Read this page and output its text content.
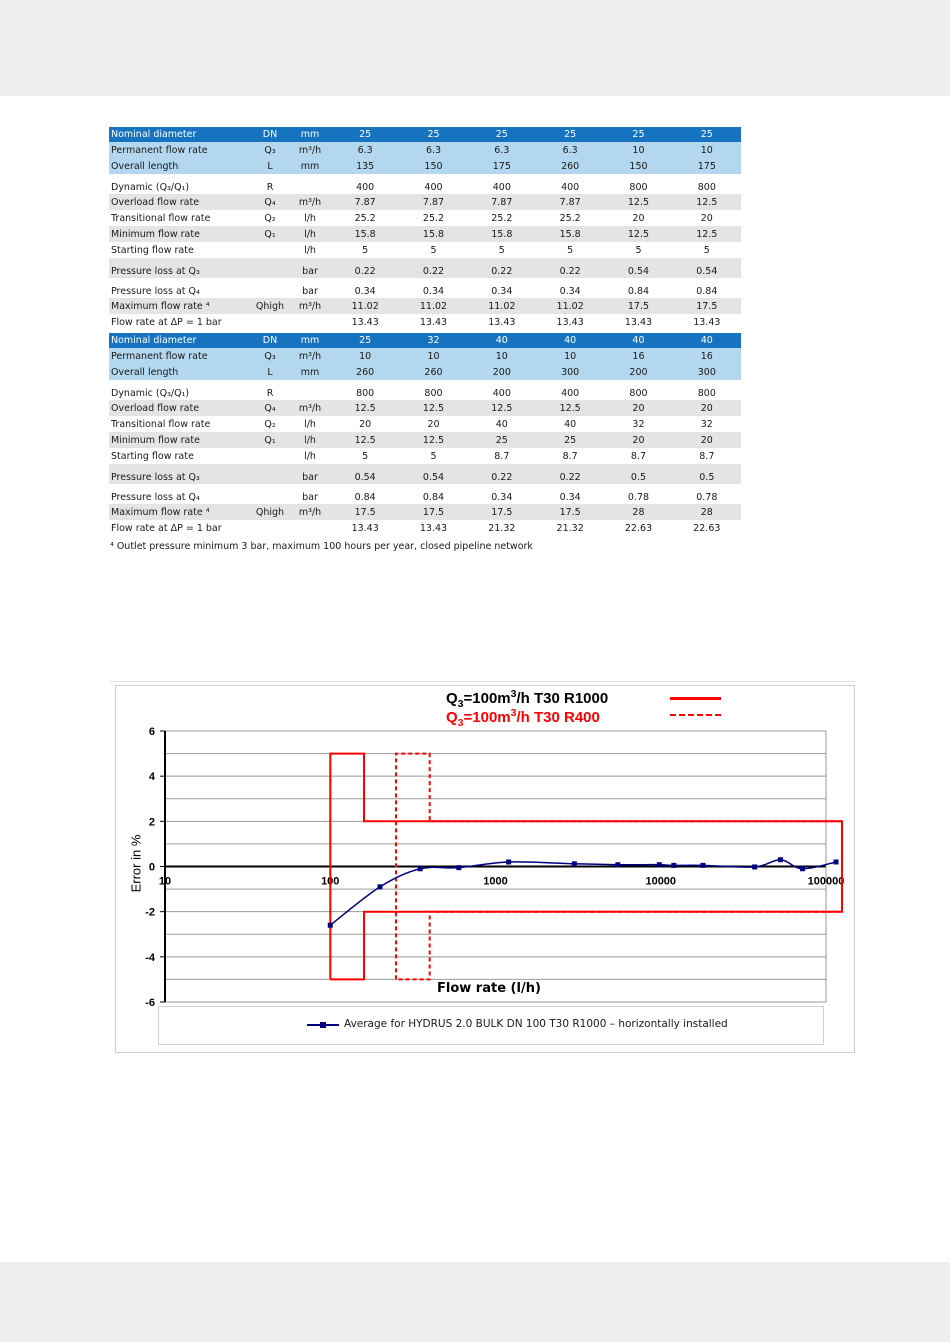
Nominal diameter	DN	mm	25	25	25	25	25	25
Permanent flow rate	Q₃	m³/h	6.3	6.3	6.3	6.3	10	10
Overall length	L	mm	135	150	175	260	150	175
Dynamic (Q₃/Q₁)	R		400	400	400	400	800	800
Overload flow rate	Q₄	m³/h	7.87	7.87	7.87	7.87	12.5	12.5
Transitional flow rate	Q₂	l/h	25.2	25.2	25.2	25.2	20	20
Minimum flow rate	Q₁	l/h	15.8	15.8	15.8	15.8	12.5	12.5
Starting flow rate		l/h	5	5	5	5	5	5
Pressure loss at Q₃		bar	0.22	0.22	0.22	0.22	0.54	0.54
Pressure loss at Q₄		bar	0.34	0.34	0.34	0.34	0.84	0.84
Maximum flow rate ⁴	Qhigh	m³/h	11.02	11.02	11.02	11.02	17.5	17.5
Flow rate at ΔP = 1 bar			13.43	13.43	13.43	13.43	13.43	13.43
Nominal diameter	DN	mm	25	32	40	40	40	40
Permanent flow rate	Q₃	m³/h	10	10	10	10	16	16
Overall length	L	mm	260	260	200	300	200	300
Dynamic (Q₃/Q₁)	R		800	800	400	400	800	800
Overload flow rate	Q₄	m³/h	12.5	12.5	12.5	12.5	20	20
Transitional flow rate	Q₂	l/h	20	20	40	40	32	32
Minimum flow rate	Q₁	l/h	12.5	12.5	25	25	20	20
Starting flow rate		l/h	5	5	8.7	8.7	8.7	8.7
Pressure loss at Q₃		bar	0.54	0.54	0.22	0.22	0.5	0.5
Pressure loss at Q₄		bar	0.84	0.84	0.34	0.34	0.78	0.78
Maximum flow rate ⁴	Qhigh	m³/h	17.5	17.5	17.5	17.5	28	28
Flow rate at ΔP = 1 bar			13.43	13.43	21.32	21.32	22.63	22.63
⁴ Outlet pressure minimum 3 bar, maximum 100 hours per year, closed pipeline network
6
4
2
0
-2
-4
-6
10	100	1000	10000	100000
$Q_3=100m^3/h$ T30 R1000
$Q_3=100m^3/h$ T30 R400
Error in %
Flow rate (l/h)
Average for HYDRUS 2.0 BULK DN 100 T30 R1000 – horizontally installed
